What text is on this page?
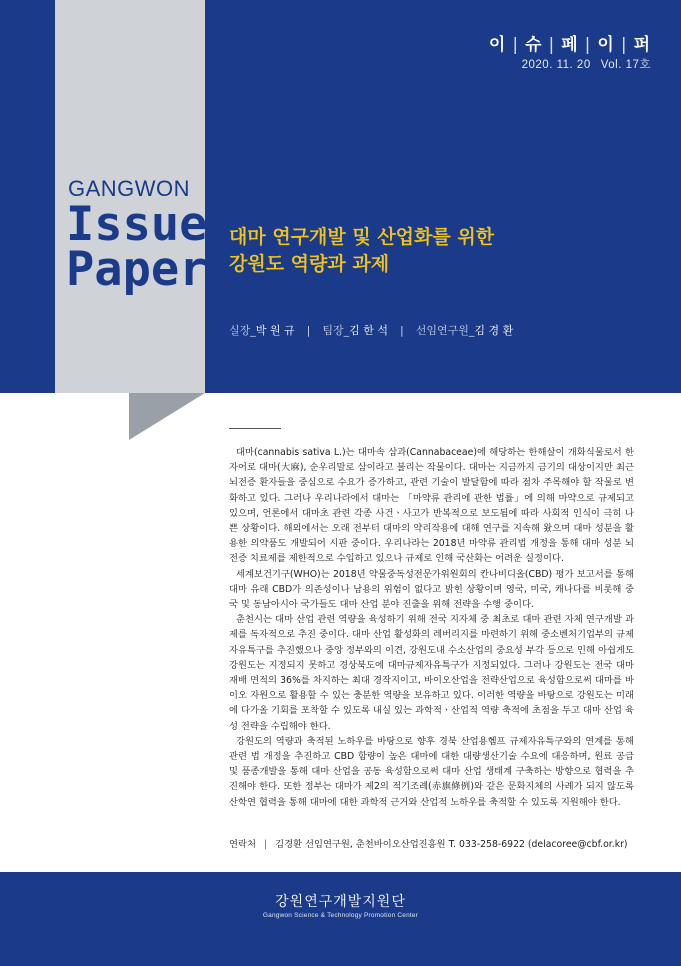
이 | 슈 | 페 | 이 | 퍼
2020. 11. 20 Vol. 17호
GANGWON
Issue
Paper
대마 연구개발 및 산업화를 위한
강원도 역량과 과제
실장_박 원 규 | 팀장_김 한 석 | 선임연구원_김 경 환

대마(cannabis sativa L.)는 대마속 삼과(Cannabaceae)에 해당하는 한해살이 개화식물로서 한자어로 대마(大麻), 순우리말로 삼이라고 불리는 작물이다. 대마는 지금까지 금기의 대상이지만 최근 뇌전증 환자들을 중심으로 수요가 증가하고, 관련 기술이 발달함에 따라 점차 주목해야 할 작물로 변화하고 있다. 그러나 우리나라에서 대마는 「마약류 관리에 관한 법률」에 의해 마약으로 규제되고 있으며, 언론에서 대마초 관련 각종 사건ㆍ사고가 반복적으로 보도됨에 따라 사회적 인식이 극히 나쁜 상황이다. 해외에서는 오래 전부터 대마의 약리작용에 대해 연구를 지속해 왔으며 대마 성분을 활용한 의약품도 개발되어 시판 중이다. 우리나라는 2018년 마약류 관리법 개정을 통해 대마 성분 뇌전증 치료제를 제한적으로 수입하고 있으나 규제로 인해 국산화는 어려운 실정이다.

세계보건기구(WHO)는 2018년 약물중독성전문가위원회의 칸나비디올(CBD) 평가 보고서를 통해 대마 유래 CBD가 의존성이나 남용의 위험이 없다고 밝힌 상황이며 영국, 미국, 캐나다를 비롯해 중국 및 동남아시아 국가들도 대마 산업 분야 진출을 위해 전략을 수행 중이다.

춘천시는 대마 산업 관련 역량을 육성하기 위해 전국 지자체 중 최초로 대마 관련 자체 연구개발 과제를 독자적으로 추진 중이다. 대마 산업 활성화의 레버리지를 마련하기 위해 중소벤처기업부의 규제자유특구를 추진했으나 중앙 정부와의 이견, 강원도내 수소산업의 중요성 부각 등으로 인해 아쉽게도 강원도는 지정되지 못하고 경상북도에 대마규제자유특구가 지정되었다. 그러나 강원도는 전국 대마 재배 면적의 36%를 차지하는 최대 경작지이고, 바이오산업을 전략산업으로 육성함으로써 대마를 바이오 자원으로 활용할 수 있는 충분한 역량을 보유하고 있다. 이러한 역량을 바탕으로 강원도는 미래에 다가올 기회를 포착할 수 있도록 내실 있는 과학적ㆍ산업적 역량 축적에 초점을 두고 대마 산업 육성 전략을 수립해야 한다.

강원도의 역량과 축적된 노하우를 바탕으로 향후 경북 산업용헴프 규제자유특구와의 연계를 통해 관련 법 개정을 추진하고 CBD 함량이 높은 대마에 대한 대량생산기술 수요에 대응하며, 원료 공급 및 품종개발을 통해 대마 산업을 공동 육성함으로써 대마 산업 생태계 구축하는 방향으로 협력을 추진해야 한다. 또한 정부는 대마가 제2의 적기조례(赤旗條例)와 같은 문화지체의 사례가 되지 않도록 산학연 협력을 통해 대마에 대한 과학적 근거와 산업적 노하우를 축적할 수 있도록 지원해야 한다.

연락처 | 김경환 선임연구원, 춘천바이오산업진흥원 T. 033-258-6922 (delacoree@cbf.or.kr)
강원연구개발지원단
Gangwon Science & Technology Promotion Center
